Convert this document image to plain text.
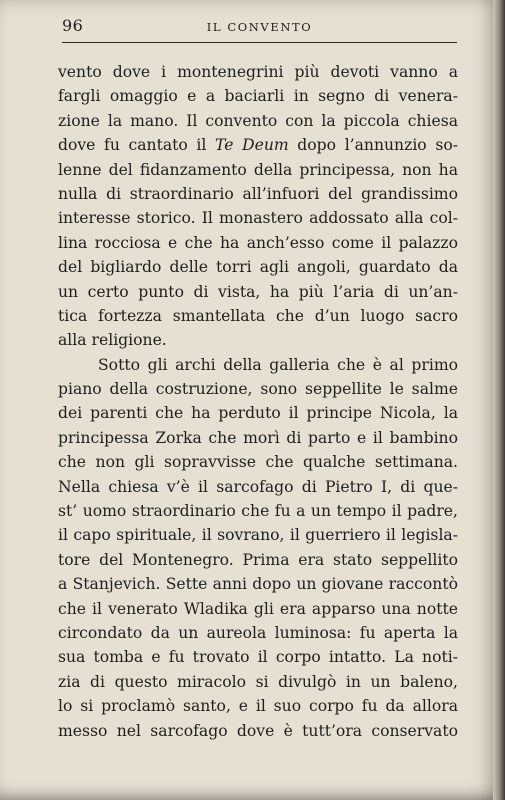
96	IL CONVENTO
vento dove i montenegrini più devoti vanno a
fargli omaggio e a baciarli in segno di venera-
zione la mano. Il convento con la piccola chiesa
dove fu cantato il Te Deum dopo l’annunzio so-
lenne del fidanzamento della principessa, non ha
nulla di straordinario all’infuori del grandissimo
interesse storico. Il monastero addossato alla col-
lina rocciosa e che ha anch’esso come il palazzo
del bigliardo delle torri agli angoli, guardato da
un certo punto di vista, ha più l’aria di un’an-
tica fortezza smantellata che d’un luogo sacro
alla religione.
Sotto gli archi della galleria che è al primo
piano della costruzione, sono seppellite le salme
dei parenti che ha perduto il principe Nicola, la
principessa Zorka che morì di parto e il bambino
che non gli sopravvisse che qualche settimana.
Nella chiesa v’è il sarcofago di Pietro I, di que-
st’ uomo straordinario che fu a un tempo il padre,
il capo spirituale, il sovrano, il guerriero il legisla-
tore del Montenegro. Prima era stato seppellito
a Stanjevich. Sette anni dopo un giovane raccontò
che il venerato Wladika gli era apparso una notte
circondato da un aureola luminosa: fu aperta la
sua tomba e fu trovato il corpo intatto. La noti-
zia di questo miracolo si divulgò in un baleno,
lo si proclamò santo, e il suo corpo fu da allora
messo nel sarcofago dove è tutt’ora conservato
